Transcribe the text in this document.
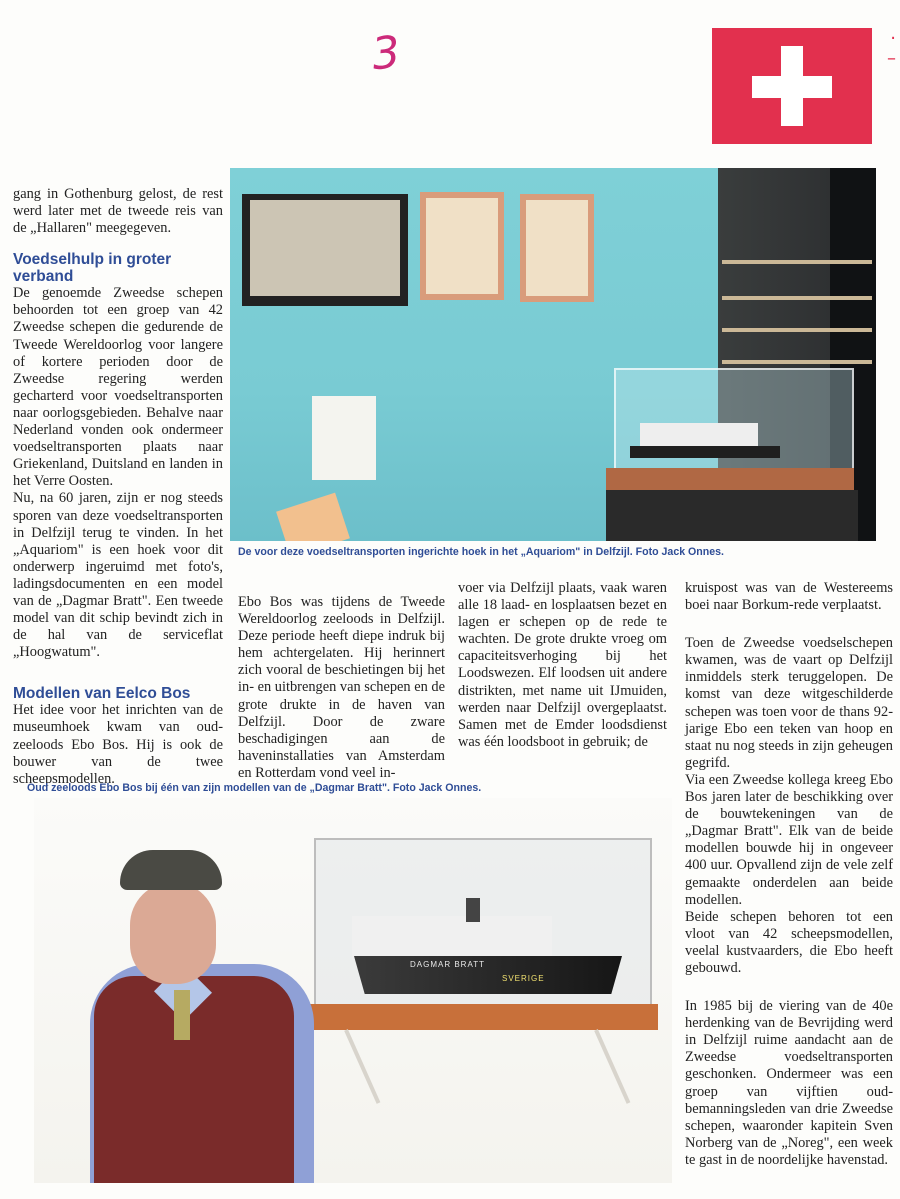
3	·
–

gang in Gothenburg gelost, de rest werd later met de tweede reis van de „Hallaren" meegegeven.

Voedselhulp in groter verband

De genoemde Zweedse schepen behoorden tot een groep van 42 Zweedse schepen die gedurende de Tweede Wereldoorlog voor langere of kortere perioden door de Zweedse regering werden gecharterd voor voedseltransporten naar oorlogsgebieden. Behalve naar Nederland vonden ook ondermeer voedseltransporten plaats naar Griekenland, Duitsland en landen in het Verre Oosten.

Nu, na 60 jaren, zijn er nog steeds sporen van deze voedseltransporten in Delfzijl terug te vinden. In het „Aquariom" is een hoek voor dit onderwerp ingeruimd met foto's, ladingsdocumenten en een model van de „Dagmar Bratt". Een tweede model van dit schip bevindt zich in de hal van de serviceflat „Hoogwatum".

Modellen van Eelco Bos

Het idee voor het inrichten van de museumhoek kwam van oud-zeeloods Ebo Bos. Hij is ook de bouwer van de twee scheepsmodellen.

De voor deze voedseltransporten ingerichte hoek in het „Aquariom" in Delfzijl. Foto Jack Onnes.

Ebo Bos was tijdens de Tweede Wereldoorlog zeeloods in Delfzijl. Deze periode heeft diepe indruk bij hem achtergelaten. Hij herinnert zich vooral de beschietingen bij het in- en uitbrengen van schepen en de grote drukte in de haven van Delfzijl. Door de zware beschadigingen aan de haveninstallaties van Amsterdam en Rotterdam vond veel in-

voer via Delfzijl plaats, vaak waren alle 18 laad- en losplaatsen bezet en lagen er schepen op de rede te wachten. De grote drukte vroeg om capaciteitsverhoging bij het Loodswezen. Elf loodsen uit andere distrikten, met name uit IJmuiden, werden naar Delfzijl overgeplaatst. Samen met de Emder loodsdienst was één loodsboot in gebruik; de

kruispost was van de Westereems boei naar Borkum-rede verplaatst.

Toen de Zweedse voedselschepen kwamen, was de vaart op Delfzijl inmiddels sterk teruggelopen. De komst van deze witgeschilderde schepen was toen voor de thans 92-jarige Ebo een teken van hoop en staat nu nog steeds in zijn geheugen gegrifd.

Via een Zweedse kollega kreeg Ebo Bos jaren later de beschikking over de bouwtekeningen van de „Dagmar Bratt". Elk van de beide modellen bouwde hij in ongeveer 400 uur. Opvallend zijn de vele zelf gemaakte onderdelen aan beide modellen.

Beide schepen behoren tot een vloot van 42 scheepsmodellen, veelal kustvaarders, die Ebo heeft gebouwd.

In 1985 bij de viering van de 40e herdenking van de Bevrijding werd in Delfzijl ruime aandacht aan de Zweedse voedseltransporten geschonken. Ondermeer was een groep van vijftien oud-bemanningsleden van drie Zweedse schepen, waaronder kapitein Sven Norberg van de „Noreg", een week te gast in de noordelijke havenstad.

Oud zeeloods Ebo Bos bij één van zijn modellen van de „Dagmar Bratt". Foto Jack Onnes.
DAGMAR BRATT
SVERIGE
